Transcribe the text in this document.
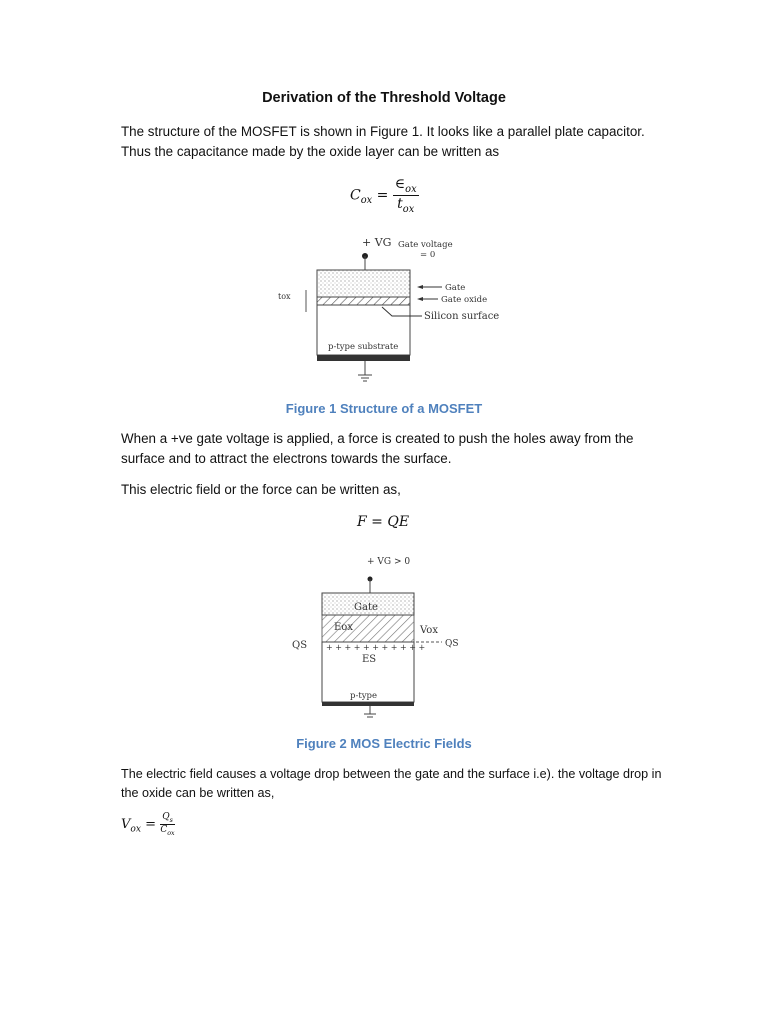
Derivation of the Threshold Voltage
The structure of the MOSFET is shown in Figure 1. It looks like a parallel plate capacitor.
Thus the capacitance made by the oxide layer can be written as
$C_{ox} = \frac{\in_{ox}}{t_{ox}}$
+ VG Gate voltage
= 0
p-type substrate
Gate
Gate oxide
Silicon surface
tox
Figure 1 Structure of a MOSFET
When a +ve gate voltage is applied, a force is created to push the holes away from the
surface and to attract the electrons towards the surface.
This electric field or the force can be written as,
F = QE
+ VG > 0
Gate
Eox	Vox
QS	QS
+ + + + + + + + + + +
ES
p-type
Figure 2 MOS Electric Fields
The electric field causes a voltage drop between the gate and the surface i.e). the voltage drop in
the oxide can be written as,
$V_{ox} = \frac{Q_s}{C_{ox}}$
